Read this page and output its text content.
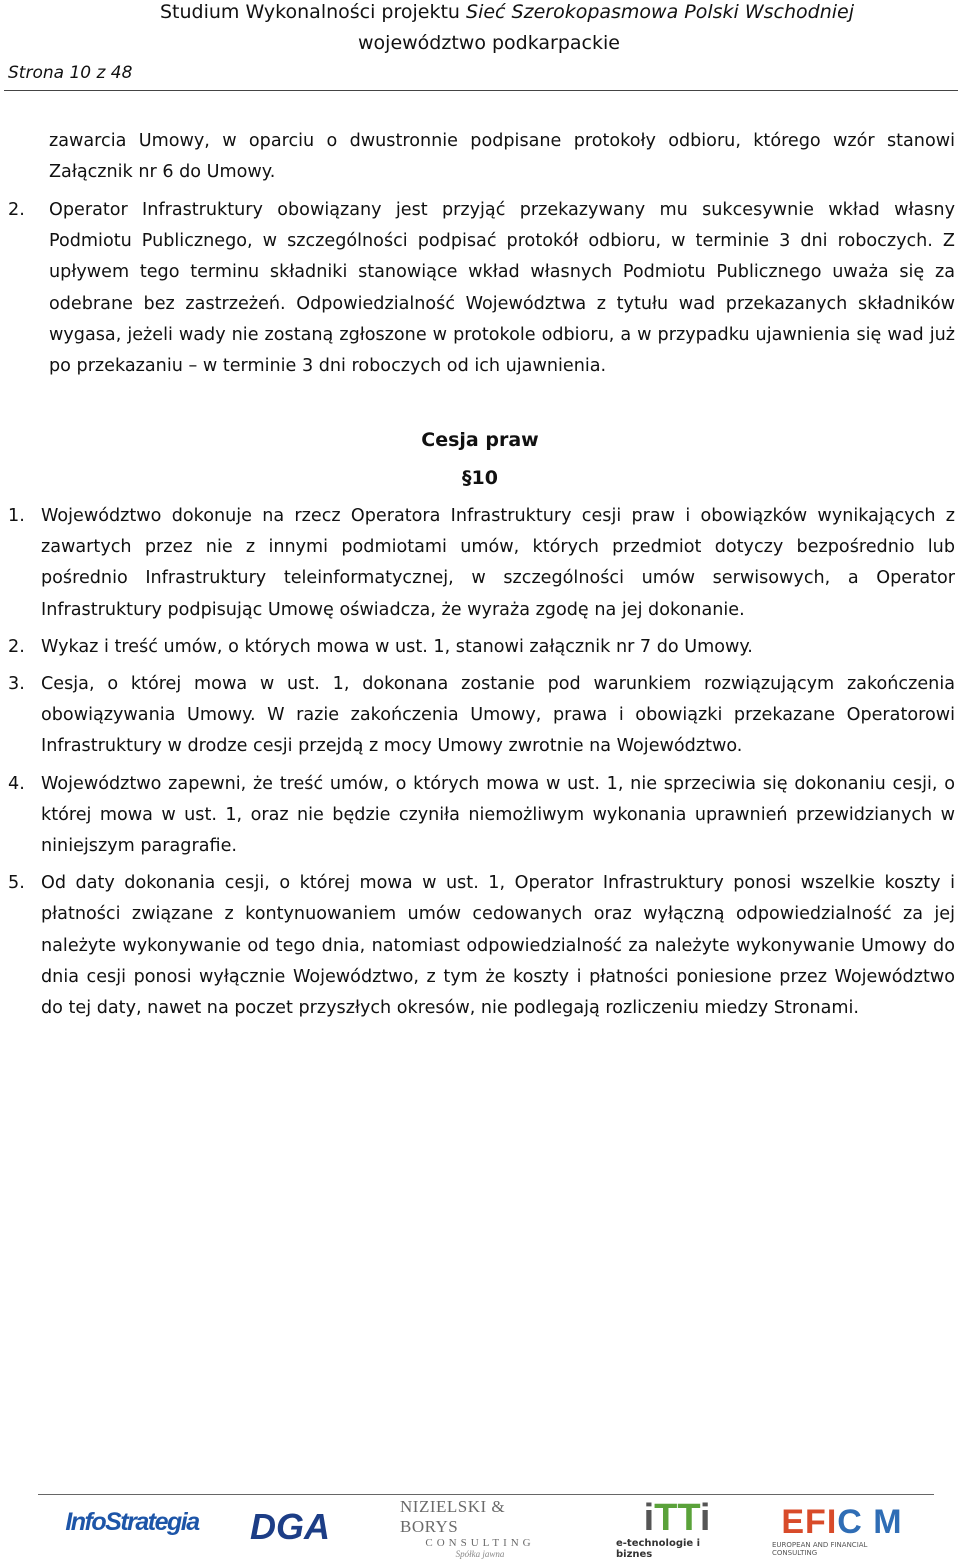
Studium Wykonalności projektu Sieć Szerokopasmowa Polski Wschodniej
województwo podkarpackie
Strona 10 z 48
zawarcia Umowy, w oparciu o dwustronnie podpisane protokoły odbioru, którego wzór stanowi Załącznik nr 6 do Umowy.
2. Operator Infrastruktury obowiązany jest przyjąć przekazywany mu sukcesywnie wkład własny Podmiotu Publicznego, w szczególności podpisać protokół odbioru, w terminie 3 dni roboczych. Z upływem tego terminu składniki stanowiące wkład własnych Podmiotu Publicznego uważa się za odebrane bez zastrzeżeń. Odpowiedzialność Województwa z tytułu wad przekazanych składników wygasa, jeżeli wady nie zostaną zgłoszone w protokole odbioru, a w przypadku ujawnienia się wad już po przekazaniu – w terminie 3 dni roboczych od ich ujawnienia.
Cesja praw
§10
1. Województwo dokonuje na rzecz Operatora Infrastruktury cesji praw i obowiązków wynikających z zawartych przez nie z innymi podmiotami umów, których przedmiot dotyczy bezpośrednio lub pośrednio Infrastruktury teleinformatycznej, w szczególności umów serwisowych, a Operator Infrastruktury podpisując Umowę oświadcza, że wyraża zgodę na jej dokonanie.
2. Wykaz i treść umów, o których mowa w ust. 1, stanowi załącznik nr 7 do Umowy.
3. Cesja, o której mowa w ust. 1, dokonana zostanie pod warunkiem rozwiązującym zakończenia obowiązywania Umowy. W razie zakończenia Umowy, prawa i obowiązki przekazane Operatorowi Infrastruktury w drodze cesji przejdą z mocy Umowy zwrotnie na Województwo.
4. Województwo zapewni, że treść umów, o których mowa w ust. 1, nie sprzeciwia się dokonaniu cesji, o której mowa w ust. 1, oraz nie będzie czyniła niemożliwym wykonania uprawnień przewidzianych w niniejszym paragrafie.
5. Od daty dokonania cesji, o której mowa w ust. 1, Operator Infrastruktury ponosi wszelkie koszty i płatności związane z kontynuowaniem umów cedowanych oraz wyłączną odpowiedzialność za jej należyte wykonywanie od tego dnia, natomiast odpowiedzialność za należyte wykonywanie Umowy do dnia cesji ponosi wyłącznie Województwo, z tym że koszty i płatności poniesione przez Województwo do tej daty, nawet na poczet przyszłych okresów, nie podlegają rozliczeniu miedzy Stronami.
InfoStrategia DGA	NIZIELSKI & BORYS
CONSULTING
Spółka jawna
iTTi
e-technologie i biznes
EFIC M
EUROPEAN AND FINANCIAL CONSULTING
